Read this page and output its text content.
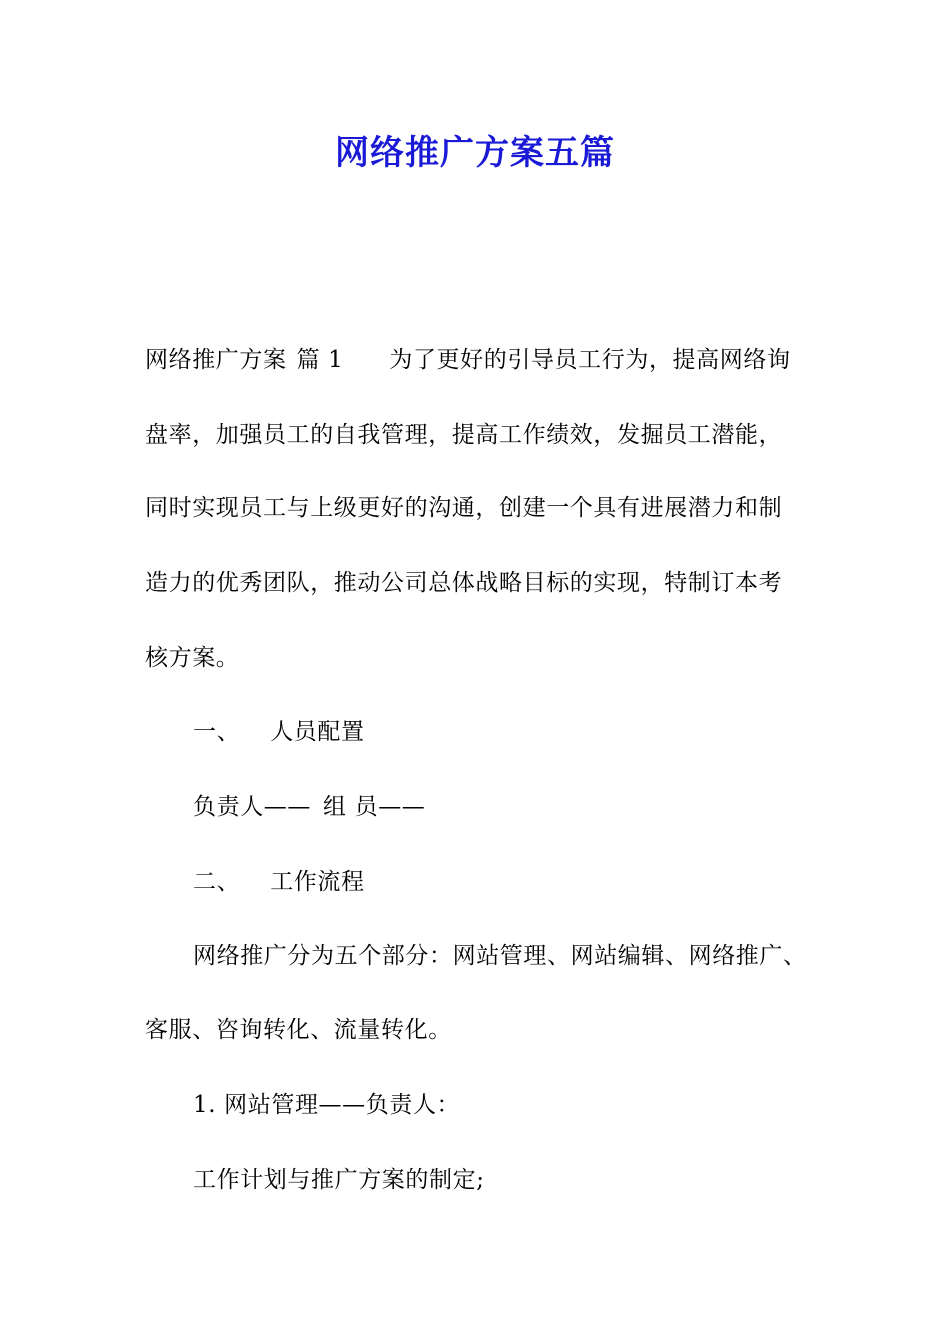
网络推广方案五篇
网络推广方案 篇 1 为了更好的引导员工行为，提高网络询
盘率，加强员工的自我管理，提高工作绩效，发掘员工潜能，
同时实现员工与上级更好的沟通，创建一个具有进展潜力和制
造力的优秀团队，推动公司总体战略目标的实现，特制订本考
核方案。
一、 人员配置
负责人—— 组 员——
二、 工作流程
网络推广分为五个部分：网站管理、网站编辑、网络推广、
客服、咨询转化、流量转化。
1. 网站管理——负责人：
工作计划与推广方案的制定;
